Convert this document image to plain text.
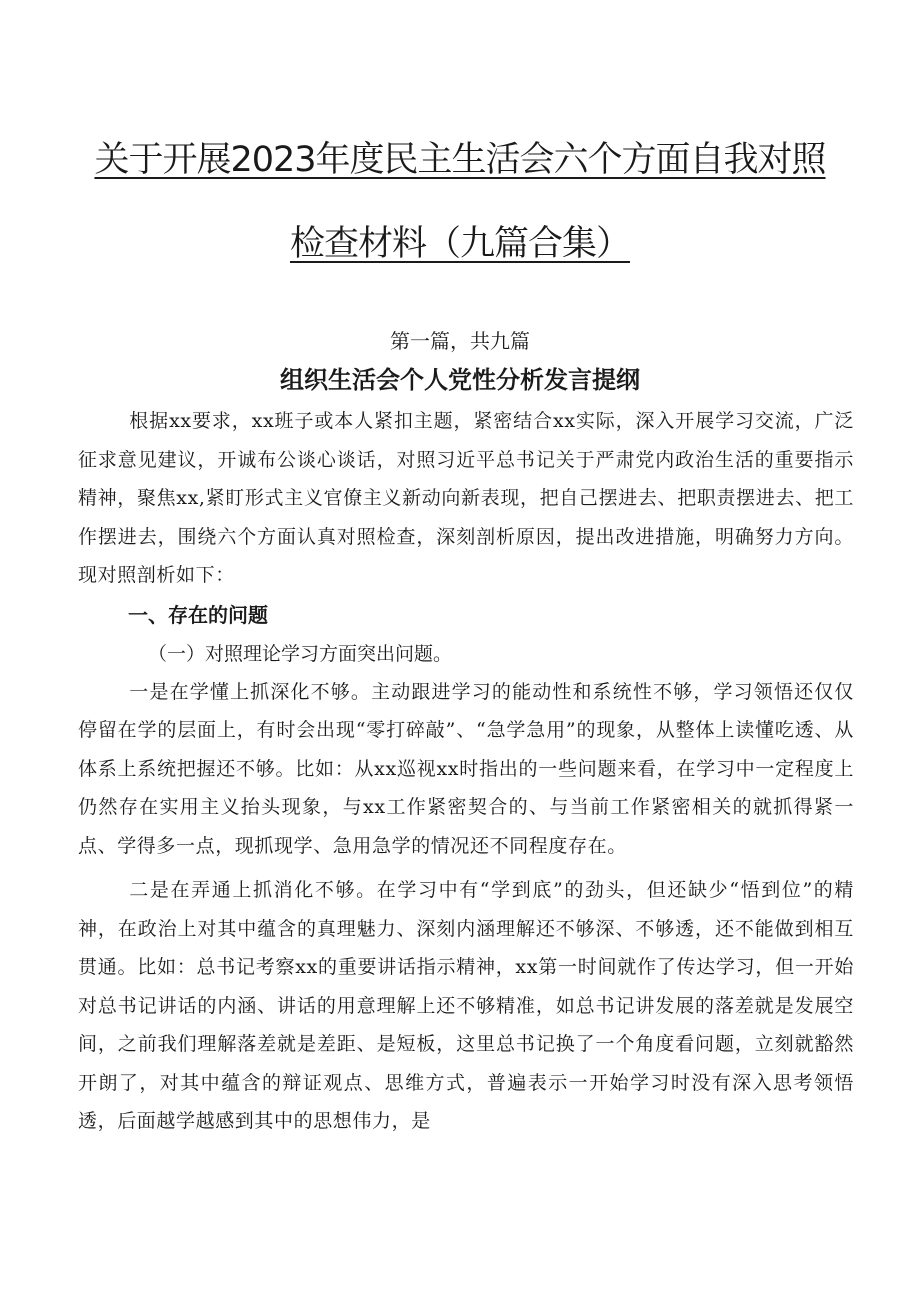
关于开展2023年度民主生活会六个方面自我对照
检查材料（九篇合集）

第一篇，共九篇

组织生活会个人党性分析发言提纲

根据xx要求，xx班子或本人紧扣主题，紧密结合xx实际，深入开展学习交流，广泛征求意见建议，开诚布公谈心谈话，对照习近平总书记关于严肃党内政治生活的重要指示精神，聚焦xx,紧盯形式主义官僚主义新动向新表现，把自己摆进去、把职责摆进去、把工作摆进去，围绕六个方面认真对照检查，深刻剖析原因，提出改进措施，明确努力方向。现对照剖析如下：

一、存在的问题

（一）对照理论学习方面突出问题。

一是在学懂上抓深化不够。主动跟进学习的能动性和系统性不够，学习领悟还仅仅停留在学的层面上，有时会出现“零打碎敲”、“急学急用”的现象，从整体上读懂吃透、从体系上系统把握还不够。比如：从xx巡视xx时指出的一些问题来看，在学习中一定程度上仍然存在实用主义抬头现象，与xx工作紧密契合的、与当前工作紧密相关的就抓得紧一点、学得多一点，现抓现学、急用急学的情况还不同程度存在。

二是在弄通上抓消化不够。在学习中有“学到底”的劲头，但还缺少“悟到位”的精神，在政治上对其中蕴含的真理魅力、深刻内涵理解还不够深、不够透，还不能做到相互贯通。比如：总书记考察xx的重要讲话指示精神，xx第一时间就作了传达学习，但一开始对总书记讲话的内涵、讲话的用意理解上还不够精准，如总书记讲发展的落差就是发展空间，之前我们理解落差就是差距、是短板，这里总书记换了一个角度看问题，立刻就豁然开朗了，对其中蕴含的辩证观点、思维方式，普遍表示一开始学习时没有深入思考领悟透，后面越学越感到其中的思想伟力，是
